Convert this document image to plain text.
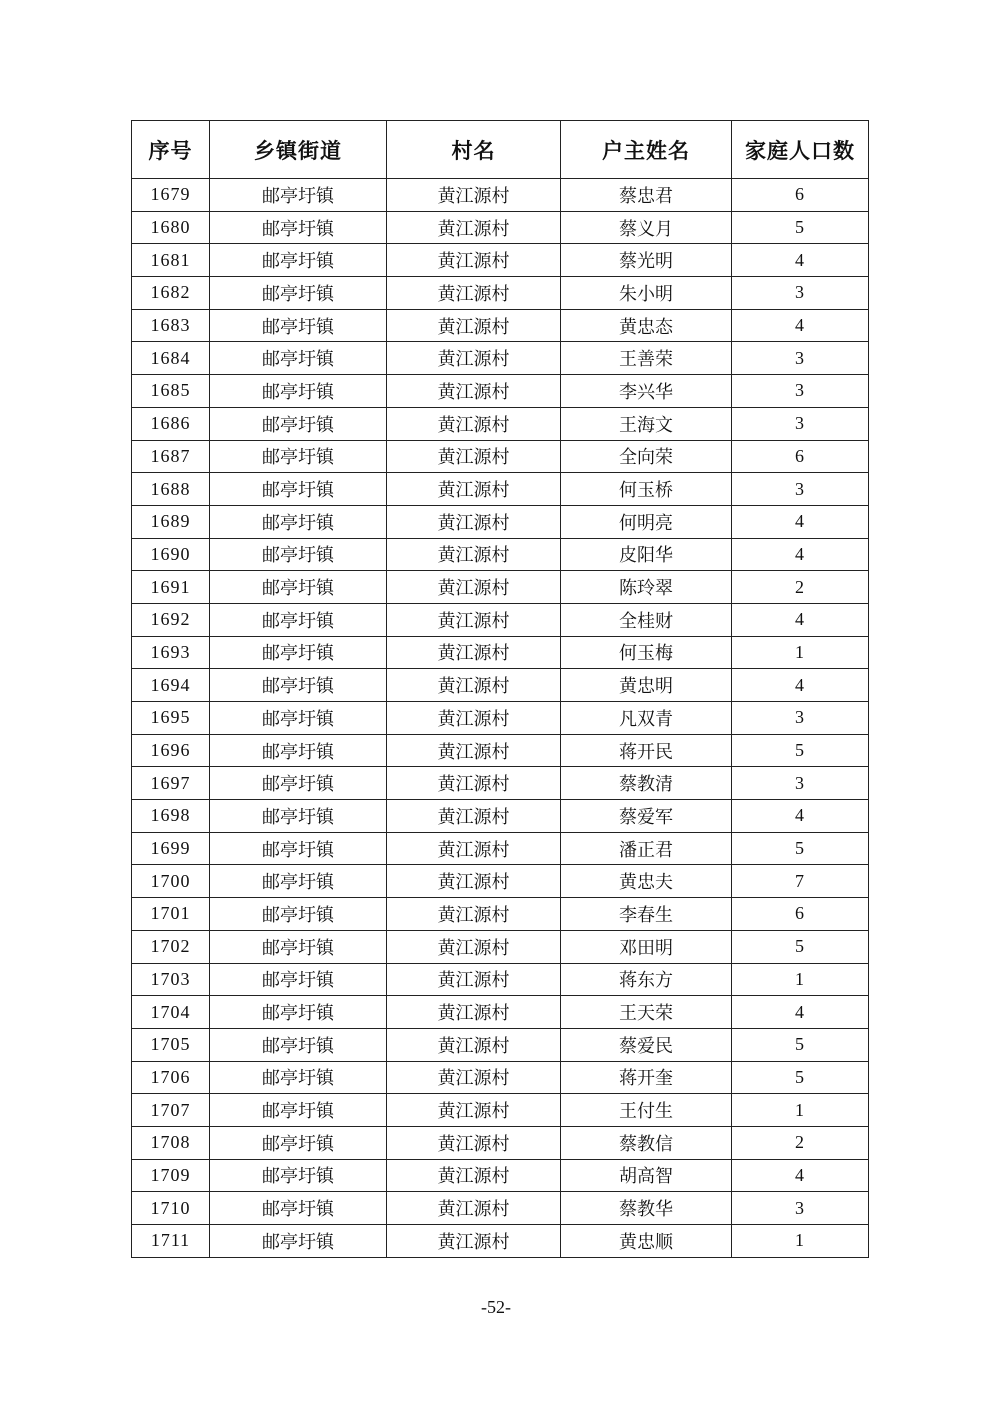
序号	乡镇街道	村名	户主姓名	家庭人口数
1679	邮亭圩镇	黄江源村	蔡忠君	6
1680	邮亭圩镇	黄江源村	蔡义月	5
1681	邮亭圩镇	黄江源村	蔡光明	4
1682	邮亭圩镇	黄江源村	朱小明	3
1683	邮亭圩镇	黄江源村	黄忠态	4
1684	邮亭圩镇	黄江源村	王善荣	3
1685	邮亭圩镇	黄江源村	李兴华	3
1686	邮亭圩镇	黄江源村	王海文	3
1687	邮亭圩镇	黄江源村	全向荣	6
1688	邮亭圩镇	黄江源村	何玉桥	3
1689	邮亭圩镇	黄江源村	何明亮	4
1690	邮亭圩镇	黄江源村	皮阳华	4
1691	邮亭圩镇	黄江源村	陈玲翠	2
1692	邮亭圩镇	黄江源村	全桂财	4
1693	邮亭圩镇	黄江源村	何玉梅	1
1694	邮亭圩镇	黄江源村	黄忠明	4
1695	邮亭圩镇	黄江源村	凡双青	3
1696	邮亭圩镇	黄江源村	蒋开民	5
1697	邮亭圩镇	黄江源村	蔡教清	3
1698	邮亭圩镇	黄江源村	蔡爱军	4
1699	邮亭圩镇	黄江源村	潘正君	5
1700	邮亭圩镇	黄江源村	黄忠夫	7
1701	邮亭圩镇	黄江源村	李春生	6
1702	邮亭圩镇	黄江源村	邓田明	5
1703	邮亭圩镇	黄江源村	蒋东方	1
1704	邮亭圩镇	黄江源村	王天荣	4
1705	邮亭圩镇	黄江源村	蔡爱民	5
1706	邮亭圩镇	黄江源村	蒋开奎	5
1707	邮亭圩镇	黄江源村	王付生	1
1708	邮亭圩镇	黄江源村	蔡教信	2
1709	邮亭圩镇	黄江源村	胡高智	4
1710	邮亭圩镇	黄江源村	蔡教华	3
1711	邮亭圩镇	黄江源村	黄忠顺	1
-52-
